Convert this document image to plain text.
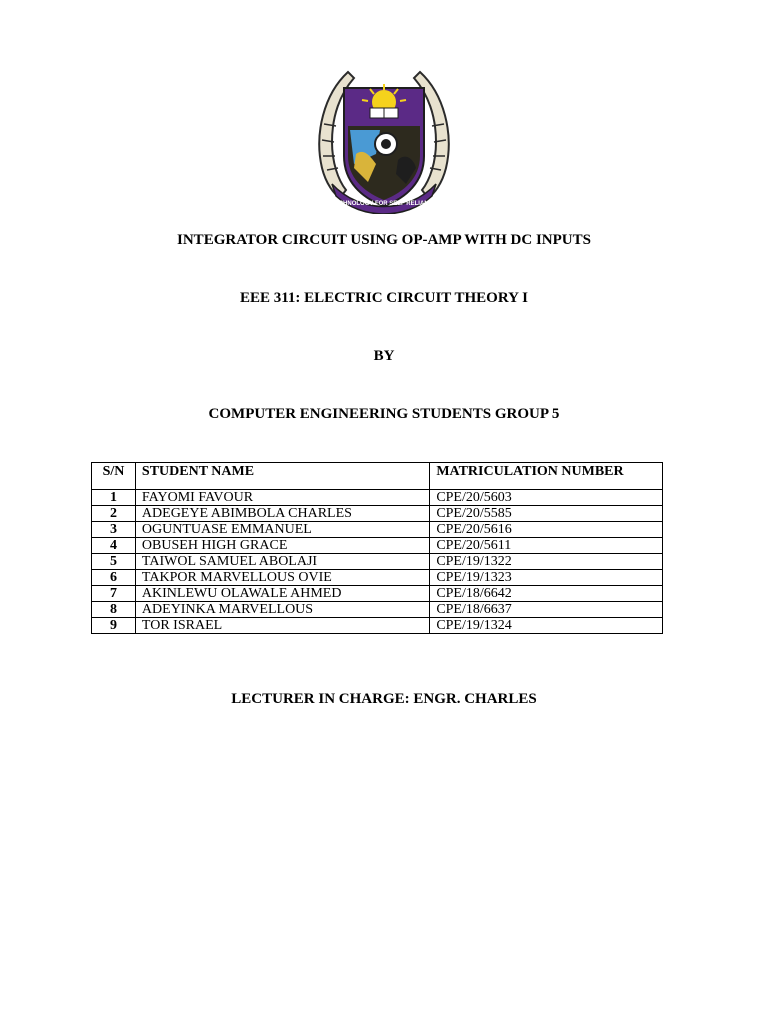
TECHNOLOGY FOR SELF RELIANCE

INTEGRATOR CIRCUIT USING OP-AMP WITH DC INPUTS

EEE 311: ELECTRIC CIRCUIT THEORY I

BY

COMPUTER ENGINEERING STUDENTS GROUP 5

S/N	STUDENT NAME	MATRICULATION NUMBER
1	FAYOMI FAVOUR	CPE/20/5603
2	ADEGEYE ABIMBOLA CHARLES	CPE/20/5585
3	OGUNTUASE EMMANUEL	CPE/20/5616
4	OBUSEH HIGH GRACE	CPE/20/5611
5	TAIWOL SAMUEL ABOLAJI	CPE/19/1322
6	TAKPOR MARVELLOUS OVIE	CPE/19/1323
7	AKINLEWU OLAWALE AHMED	CPE/18/6642
8	ADEYINKA MARVELLOUS	CPE/18/6637
9	TOR ISRAEL	CPE/19/1324

LECTURER IN CHARGE: ENGR. CHARLES
